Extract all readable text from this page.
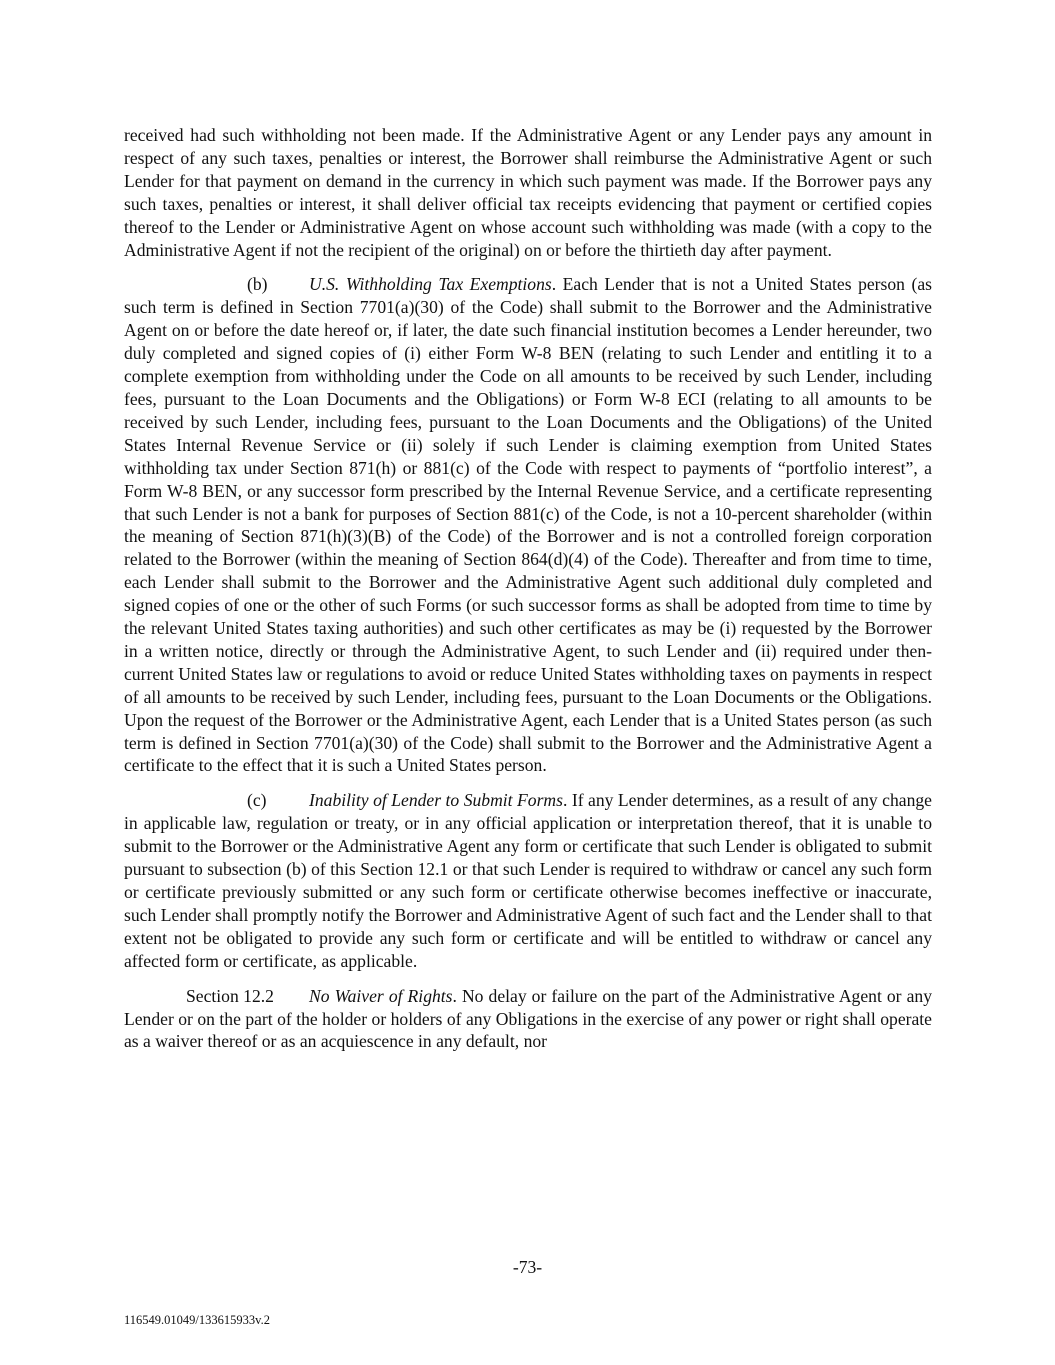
received had such withholding not been made. If the Administrative Agent or any Lender pays any amount in respect of any such taxes, penalties or interest, the Borrower shall reimburse the Administrative Agent or such Lender for that payment on demand in the currency in which such payment was made. If the Borrower pays any such taxes, penalties or interest, it shall deliver official tax receipts evidencing that payment or certified copies thereof to the Lender or Administrative Agent on whose account such withholding was made (with a copy to the Administrative Agent if not the recipient of the original) on or before the thirtieth day after payment.

(b) U.S. Withholding Tax Exemptions. Each Lender that is not a United States person (as such term is defined in Section 7701(a)(30) of the Code) shall submit to the Borrower and the Administrative Agent on or before the date hereof or, if later, the date such financial institution becomes a Lender hereunder, two duly completed and signed copies of (i) either Form W-8 BEN (relating to such Lender and entitling it to a complete exemption from withholding under the Code on all amounts to be received by such Lender, including fees, pursuant to the Loan Documents and the Obligations) or Form W-8 ECI (relating to all amounts to be received by such Lender, including fees, pursuant to the Loan Documents and the Obligations) of the United States Internal Revenue Service or (ii) solely if such Lender is claiming exemption from United States withholding tax under Section 871(h) or 881(c) of the Code with respect to payments of “portfolio interest”, a Form W-8 BEN, or any successor form prescribed by the Internal Revenue Service, and a certificate representing that such Lender is not a bank for purposes of Section 881(c) of the Code, is not a 10-percent shareholder (within the meaning of Section 871(h)(3)(B) of the Code) of the Borrower and is not a controlled foreign corporation related to the Borrower (within the meaning of Section 864(d)(4) of the Code). Thereafter and from time to time, each Lender shall submit to the Borrower and the Administrative Agent such additional duly completed and signed copies of one or the other of such Forms (or such successor forms as shall be adopted from time to time by the relevant United States taxing authorities) and such other certificates as may be (i) requested by the Borrower in a written notice, directly or through the Administrative Agent, to such Lender and (ii) required under then-current United States law or regulations to avoid or reduce United States withholding taxes on payments in respect of all amounts to be received by such Lender, including fees, pursuant to the Loan Documents or the Obligations. Upon the request of the Borrower or the Administrative Agent, each Lender that is a United States person (as such term is defined in Section 7701(a)(30) of the Code) shall submit to the Borrower and the Administrative Agent a certificate to the effect that it is such a United States person.

(c) Inability of Lender to Submit Forms. If any Lender determines, as a result of any change in applicable law, regulation or treaty, or in any official application or interpretation thereof, that it is unable to submit to the Borrower or the Administrative Agent any form or certificate that such Lender is obligated to submit pursuant to subsection (b) of this Section 12.1 or that such Lender is required to withdraw or cancel any such form or certificate previously submitted or any such form or certificate otherwise becomes ineffective or inaccurate, such Lender shall promptly notify the Borrower and Administrative Agent of such fact and the Lender shall to that extent not be obligated to provide any such form or certificate and will be entitled to withdraw or cancel any affected form or certificate, as applicable.

Section 12.2 No Waiver of Rights. No delay or failure on the part of the Administrative Agent or any Lender or on the part of the holder or holders of any Obligations in the exercise of any power or right shall operate as a waiver thereof or as an acquiescence in any default, nor

-73-
116549.01049/133615933v.2
